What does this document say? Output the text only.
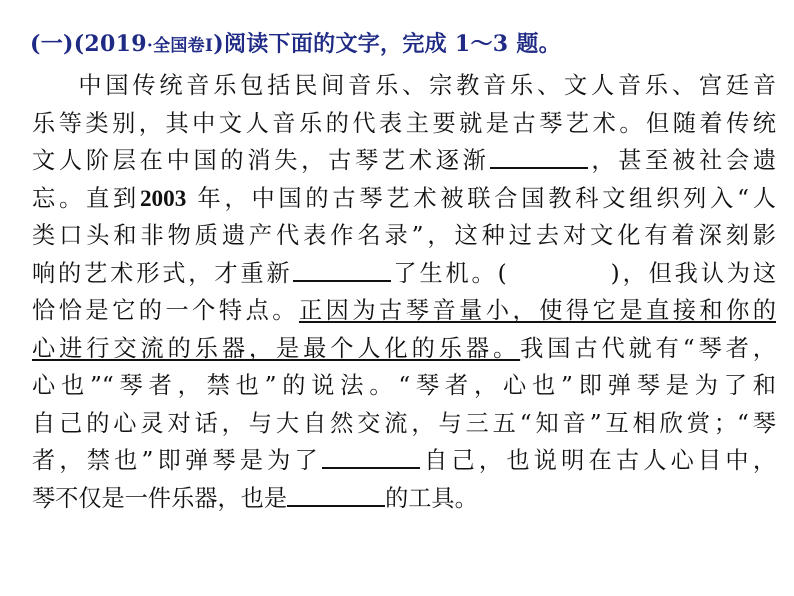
(一)(2019·全国卷Ⅰ)阅读下面的文字，完成 1～3 题。
中国传统音乐包括民间音乐、宗教音乐、文人音乐、宫廷音
乐等类别，其中文人音乐的代表主要就是古琴艺术。但随着传统
文人阶层在中国的消失，古琴艺术逐渐	，甚至被社会遗
忘。直到2003 年，中国的古琴艺术被联合国教科文组织列入“人
类口头和非物质遗产代表作名录”，这种过去对文化有着深刻影
响的艺术形式，才重新	了生机。(	)，但我认为这
恰恰是它的一个特点。正因为古琴音量小，使得它是直接和你的
心进行交流的乐器，是最个人化的乐器。我国古代就有“琴者，
心也”“琴者，禁也”的说法。“琴者，心也”即弹琴是为了和
自己的心灵对话，与大自然交流，与三五“知音”互相欣赏；“琴
者，禁也”即弹琴是为了	自己，也说明在古人心目中，
琴不仅是一件乐器，也是	的工具。
